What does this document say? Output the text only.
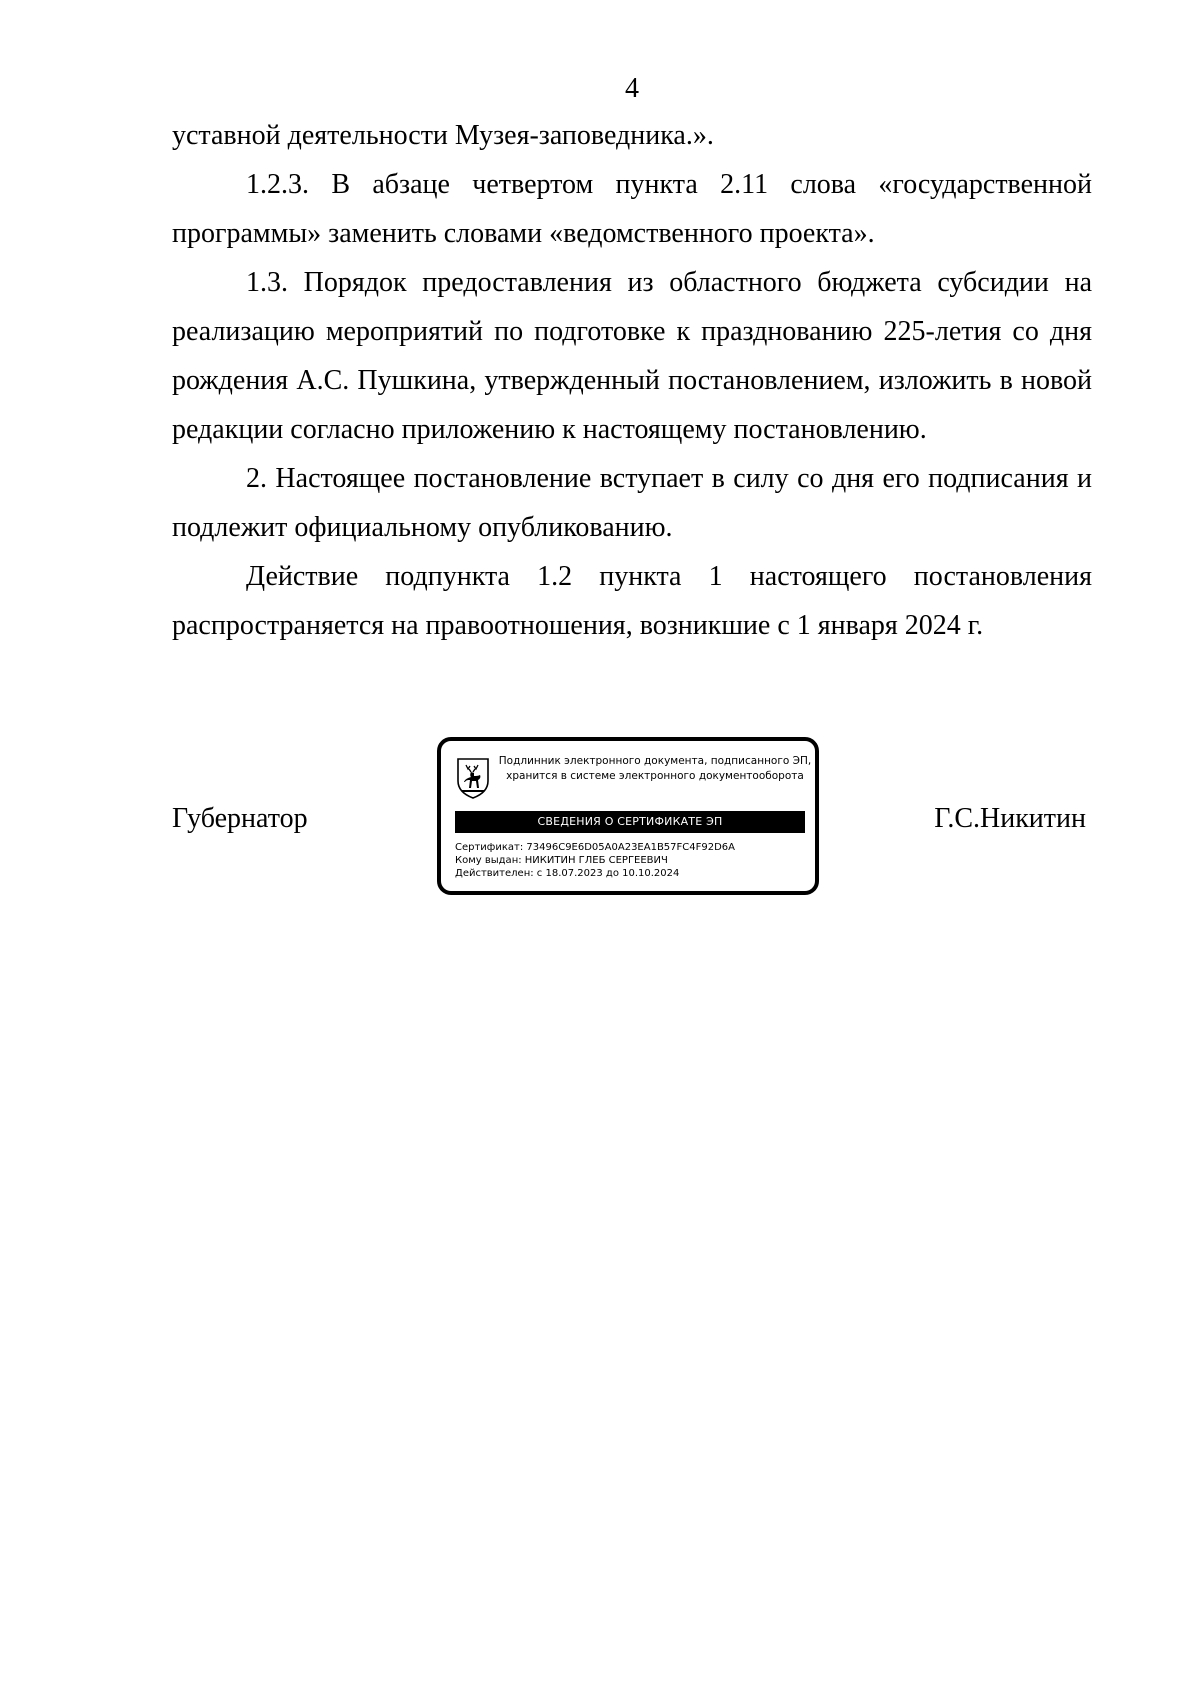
4

уставной деятельности Музея-заповедника.».

1.2.3. В абзаце четвертом пункта 2.11 слова «государственной программы» заменить словами «ведомственного проекта».

1.3. Порядок предоставления из областного бюджета субсидии на реализацию мероприятий по подготовке к празднованию 225-летия со дня рождения А.С. Пушкина, утвержденный постановлением, изложить в новой редакции согласно приложению к настоящему постановлению.

2. Настоящее постановление вступает в силу со дня его подписания и подлежит официальному опубликованию.

Действие подпункта 1.2 пункта 1 настоящего постановления распространяется на правоотношения, возникшие с 1 января 2024 г.

Губернатор
Подлинник электронного документа, подписанного ЭП,
хранится в системе электронного документооборота
СВЕДЕНИЯ О СЕРТИФИКАТЕ ЭП
Сертификат: 73496C9E6D05A0A23EA1B57FC4F92D6A
Кому выдан: НИКИТИН ГЛЕБ СЕРГЕЕВИЧ
Действителен: с 18.07.2023 до 10.10.2024
Г.С.Никитин
